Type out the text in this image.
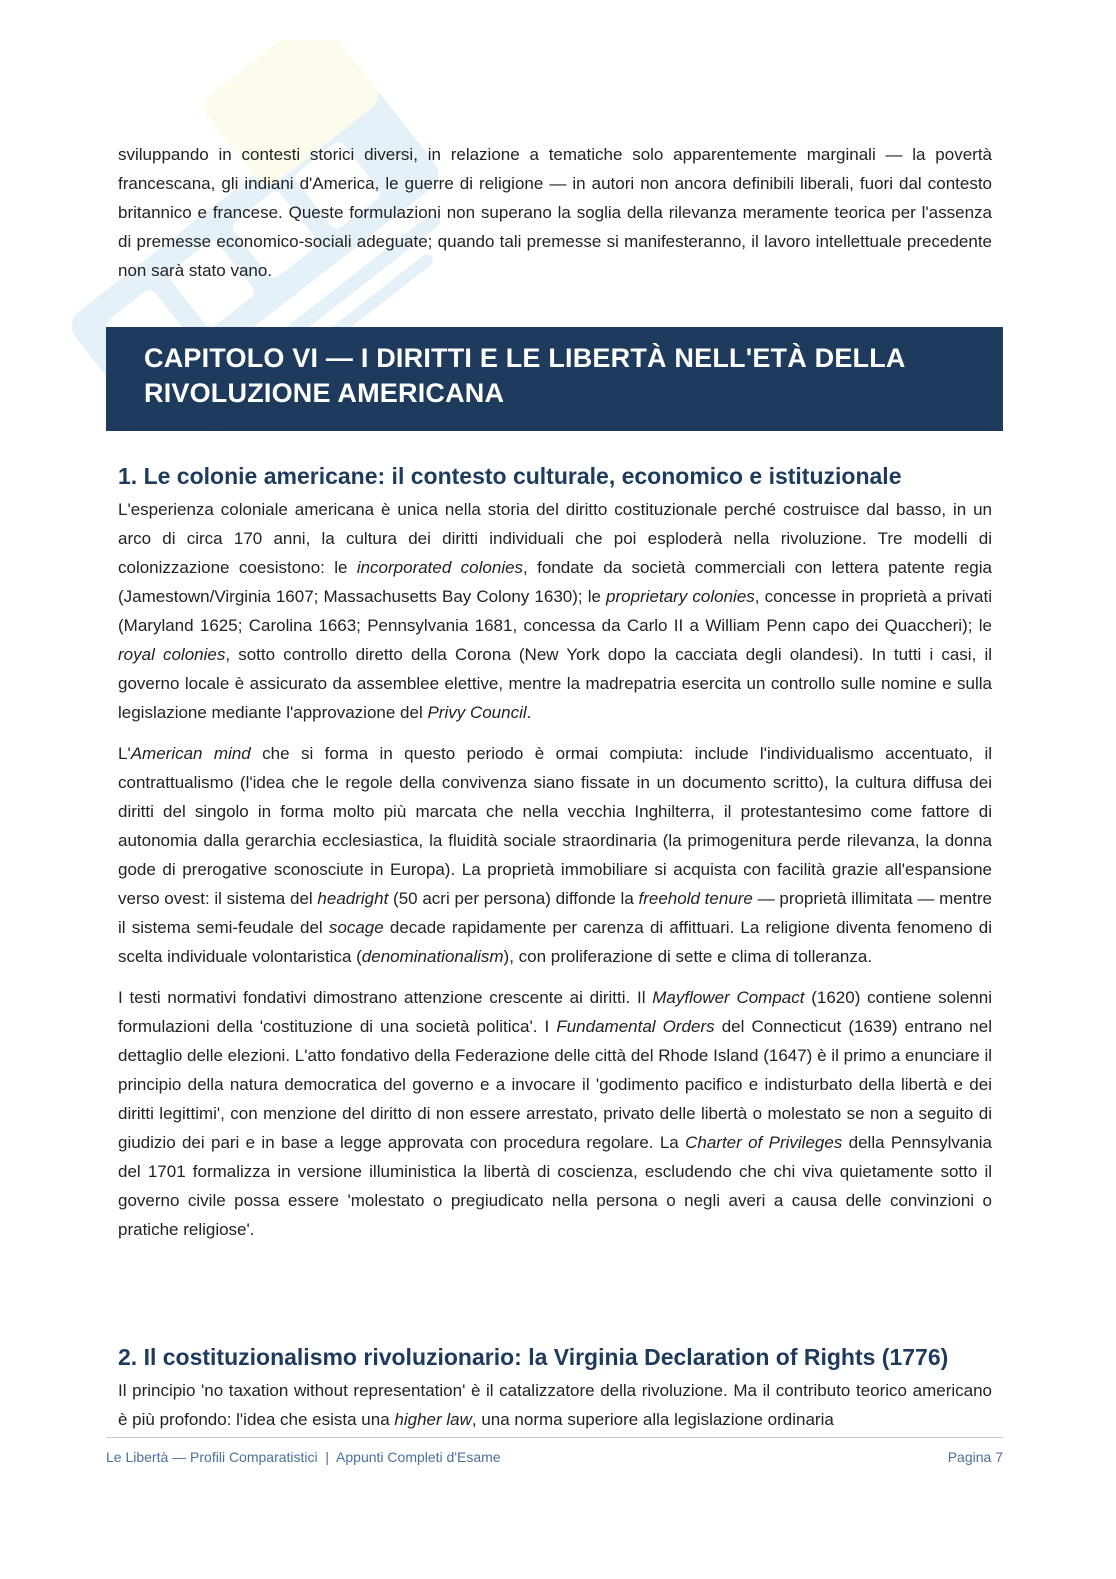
sviluppando in contesti storici diversi, in relazione a tematiche solo apparentemente marginali — la povertà francescana, gli indiani d'America, le guerre di religione — in autori non ancora definibili liberali, fuori dal contesto britannico e francese. Queste formulazioni non superano la soglia della rilevanza meramente teorica per l'assenza di premesse economico-sociali adeguate; quando tali premesse si manifesteranno, il lavoro intellettuale precedente non sarà stato vano.

CAPITOLO VI — I DIRITTI E LE LIBERTÀ NELL'ETÀ DELLA
RIVOLUZIONE AMERICANA
1. Le colonie americane: il contesto culturale, economico e istituzionale

L'esperienza coloniale americana è unica nella storia del diritto costituzionale perché costruisce dal basso, in un arco di circa 170 anni, la cultura dei diritti individuali che poi esploderà nella rivoluzione. Tre modelli di colonizzazione coesistono: le incorporated colonies, fondate da società commerciali con lettera patente regia (Jamestown/Virginia 1607; Massachusetts Bay Colony 1630); le proprietary colonies, concesse in proprietà a privati (Maryland 1625; Carolina 1663; Pennsylvania 1681, concessa da Carlo II a William Penn capo dei Quaccheri); le royal colonies, sotto controllo diretto della Corona (New York dopo la cacciata degli olandesi). In tutti i casi, il governo locale è assicurato da assemblee elettive, mentre la madrepatria esercita un controllo sulle nomine e sulla legislazione mediante l'approvazione del Privy Council.

L'American mind che si forma in questo periodo è ormai compiuta: include l'individualismo accentuato, il contrattualismo (l'idea che le regole della convivenza siano fissate in un documento scritto), la cultura diffusa dei diritti del singolo in forma molto più marcata che nella vecchia Inghilterra, il protestantesimo come fattore di autonomia dalla gerarchia ecclesiastica, la fluidità sociale straordinaria (la primogenitura perde rilevanza, la donna gode di prerogative sconosciute in Europa). La proprietà immobiliare si acquista con facilità grazie all'espansione verso ovest: il sistema del headright (50 acri per persona) diffonde la freehold tenure — proprietà illimitata — mentre il sistema semi-feudale del socage decade rapidamente per carenza di affittuari. La religione diventa fenomeno di scelta individuale volontaristica (denominationalism), con proliferazione di sette e clima di tolleranza.

I testi normativi fondativi dimostrano attenzione crescente ai diritti. Il Mayflower Compact (1620) contiene solenni formulazioni della 'costituzione di una società politica'. I Fundamental Orders del Connecticut (1639) entrano nel dettaglio delle elezioni. L'atto fondativo della Federazione delle città del Rhode Island (1647) è il primo a enunciare il principio della natura democratica del governo e a invocare il 'godimento pacifico e indisturbato della libertà e dei diritti legittimi', con menzione del diritto di non essere arrestato, privato delle libertà o molestato se non a seguito di giudizio dei pari e in base a legge approvata con procedura regolare. La Charter of Privileges della Pennsylvania del 1701 formalizza in versione illuministica la libertà di coscienza, escludendo che chi viva quietamente sotto il governo civile possa essere 'molestato o pregiudicato nella persona o negli averi a causa delle convinzioni o pratiche religiose'.

2. Il costituzionalismo rivoluzionario: la Virginia Declaration of Rights (1776)

Il principio 'no taxation without representation' è il catalizzatore della rivoluzione. Ma il contributo teorico americano è più profondo: l'idea che esista una higher law, una norma superiore alla legislazione ordinaria

Le Libertà — Profili Comparatistici  |  Appunti Completi d'Esame	Pagina 7
